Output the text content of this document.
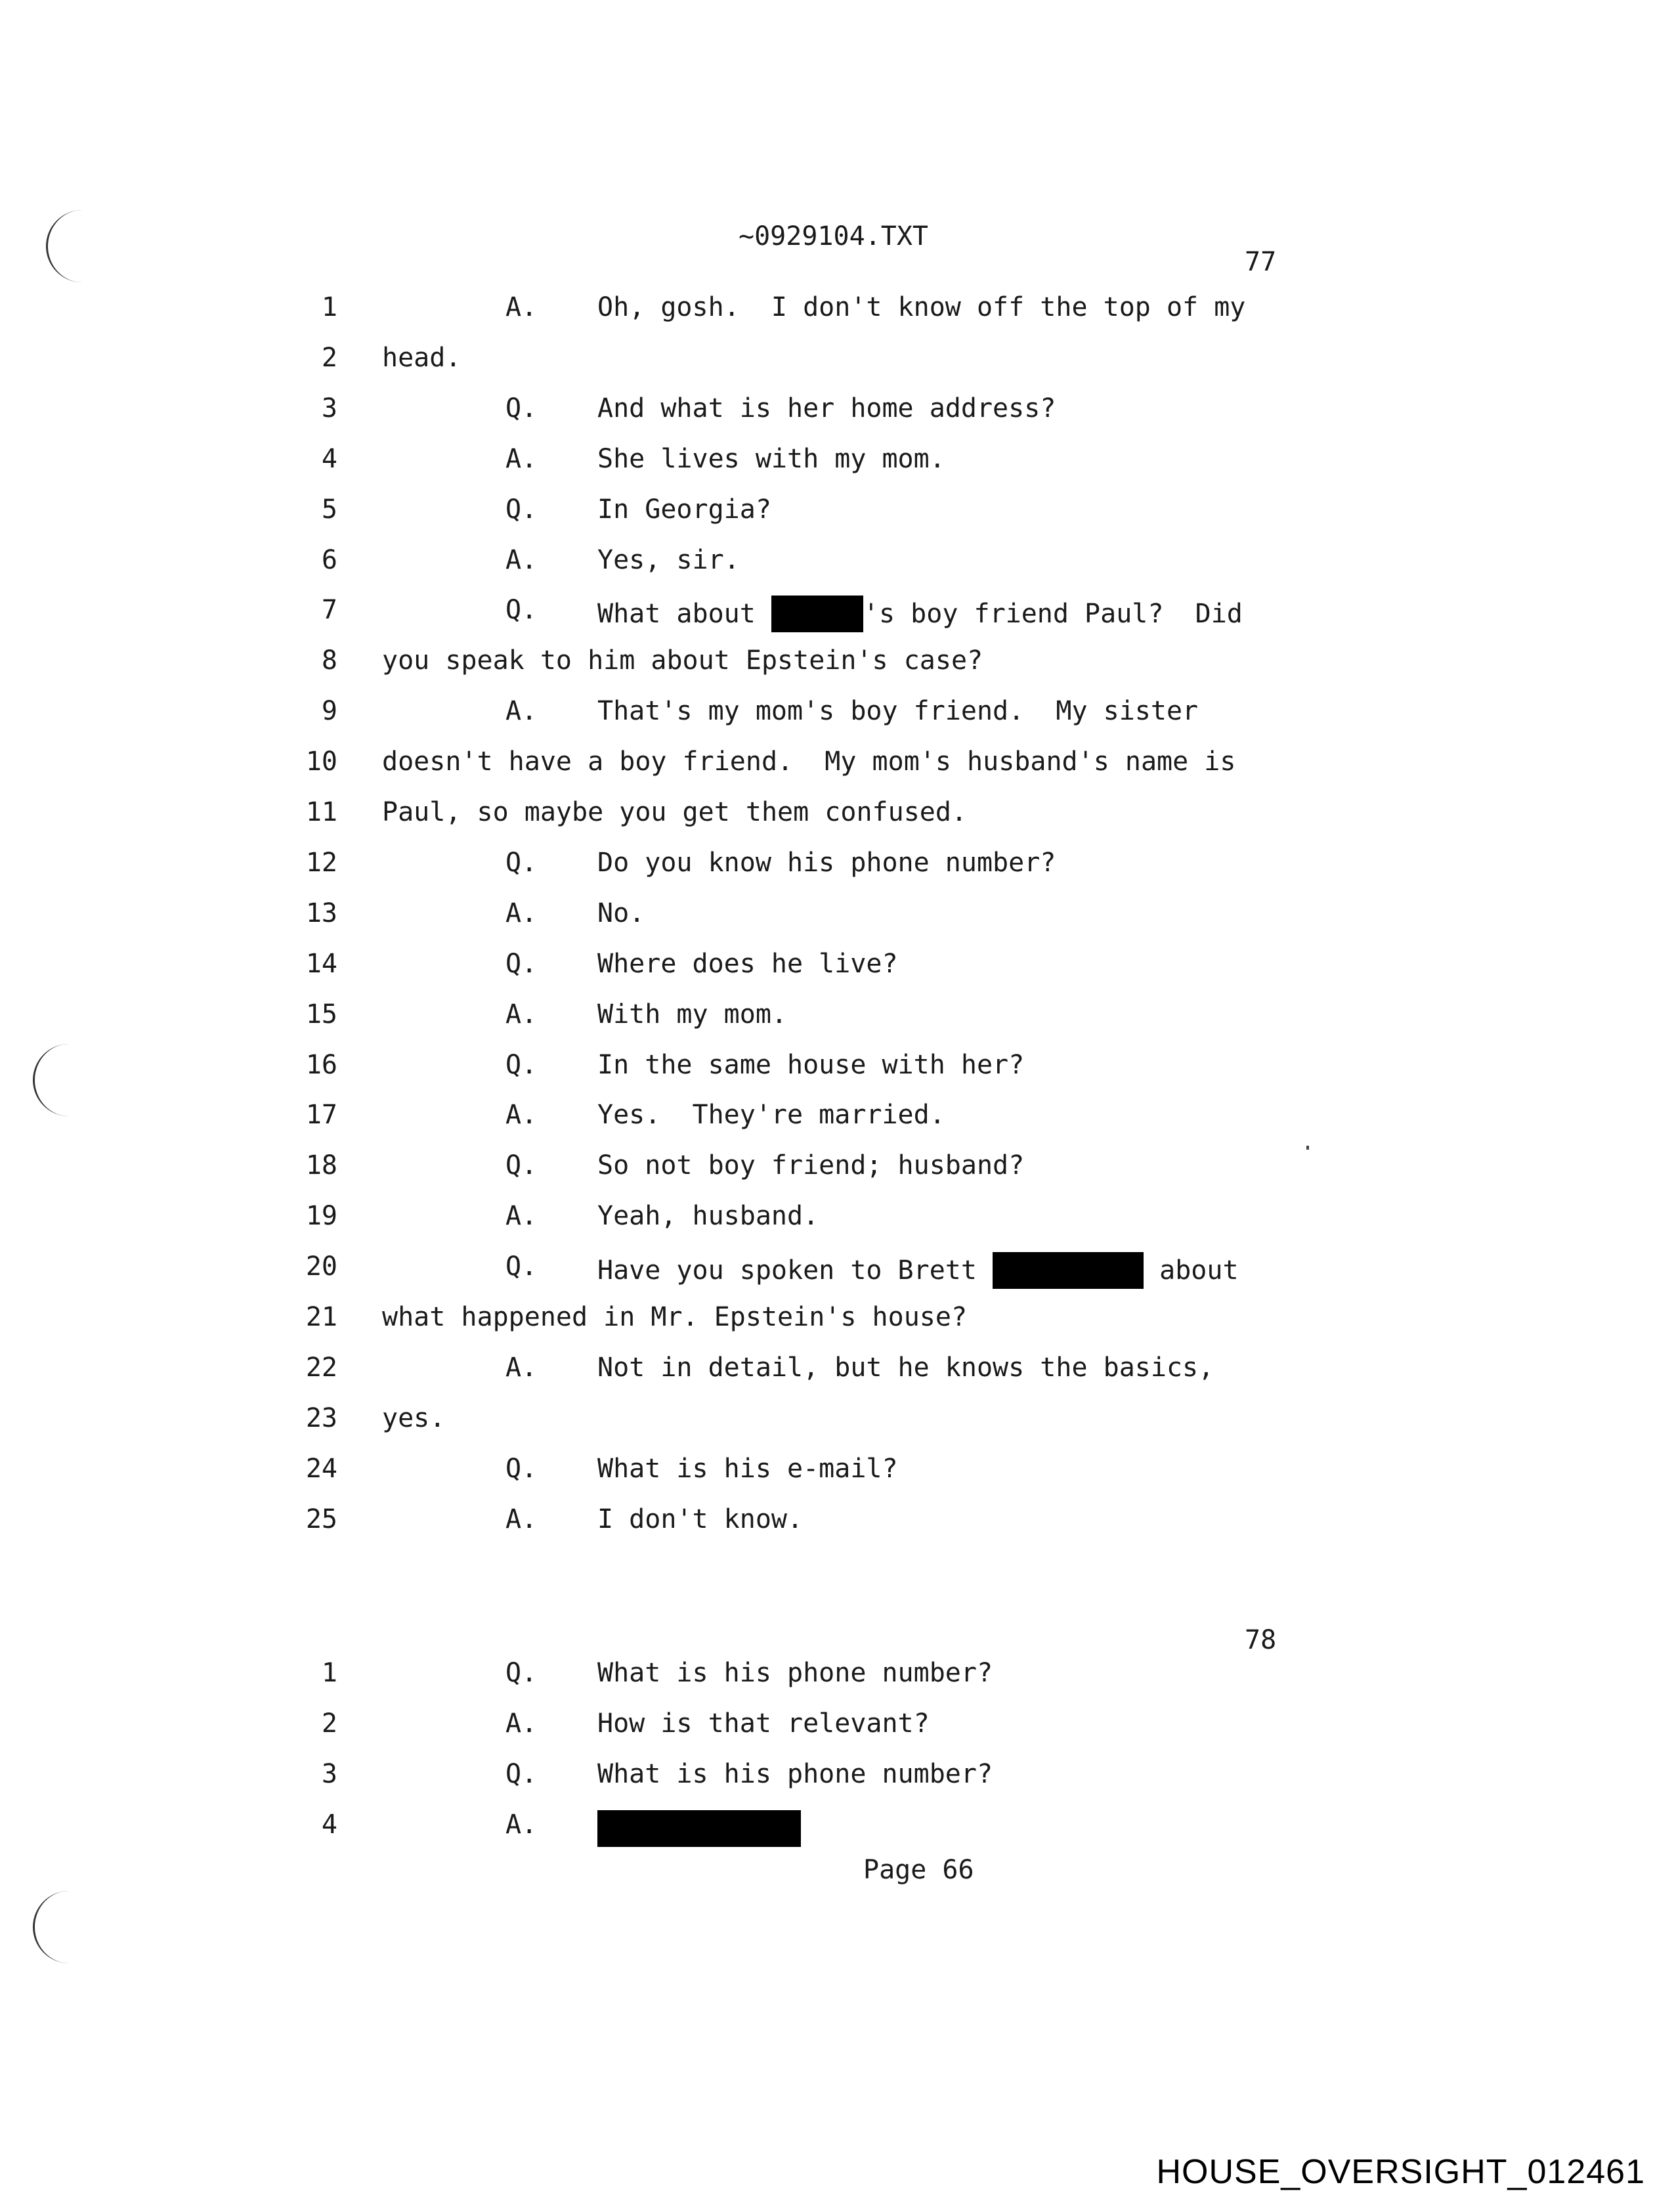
~0929104.TXT
77
1	A. Oh, gosh.  I don't know off the top of my
2 head.
3	Q. And what is her home address?
4	A. She lives with my mom.
5	Q. In Georgia?
6	A. Yes, sir.
7	Q. What about	's boy friend Paul?  Did
8 you speak to him about Epstein's case?
9	A. That's my mom's boy friend.  My sister
10 doesn't have a boy friend.  My mom's husband's name is
11 Paul, so maybe you get them confused.
12	Q. Do you know his phone number?
13	A. No.
14	Q. Where does he live?
15	A. With my mom.
16	Q. In the same house with her?
17	A. Yes.  They're married.
18	Q. So not boy friend; husband?
19	A. Yeah, husband.
20	Q. Have you spoken to Brett	about
21 what happened in Mr. Epstein's house?
22	A. Not in detail, but he knows the basics,
23 yes.
24	Q. What is his e-mail?
25	A. I don't know.
78
1	Q. What is his phone number?
2	A. How is that relevant?
3	Q. What is his phone number?
4	A.
Page 66
HOUSE_OVERSIGHT_012461
